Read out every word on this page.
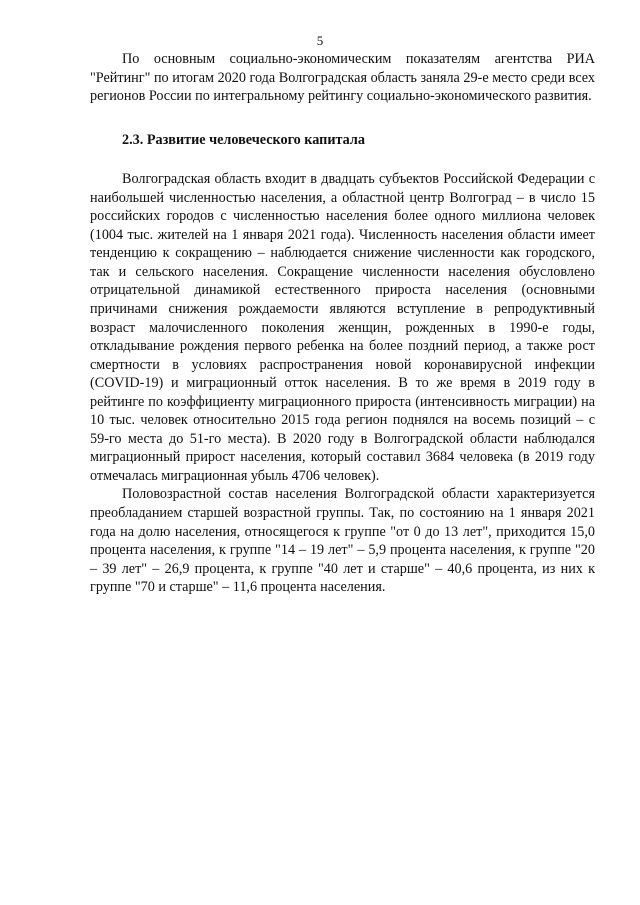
5

По основным социально-экономическим показателям агентства РИА "Рейтинг" по итогам 2020 года Волгоградская область заняла 29-е место среди всех регионов России по интегральному рейтингу социально-экономического развития.

2.3. Развитие человеческого капитала

Волгоградская область входит в двадцать субъектов Российской Федерации с наибольшей численностью населения, а областной центр Волгоград – в число 15 российских городов с численностью населения более одного миллиона человек (1004 тыс. жителей на 1 января 2021 года). Численность населения области имеет тенденцию к сокращению – наблюдается снижение численности как городского, так и сельского населения. Сокращение численности населения обусловлено отрицательной динамикой естественного прироста населения (основными причинами снижения рождаемости являются вступление в репродуктивный возраст малочисленного поколения женщин, рожденных в 1990-е годы, откладывание рождения первого ребенка на более поздний период, а также рост смертности в условиях распространения новой коронавирусной инфекции (COVID-19) и миграционный отток населения. В то же время в 2019 году в рейтинге по коэффициенту миграционного прироста (интенсивность миграции) на 10 тыс. человек относительно 2015 года регион поднялся на восемь позиций – с 59-го места до 51-го места). В 2020 году в Волгоградской области наблюдался миграционный прирост населения, который составил 3684 человека (в 2019 году отмечалась миграционная убыль 4706 человек).

Половозрастной состав населения Волгоградской области характеризуется преобладанием старшей возрастной группы. Так, по состоянию на 1 января 2021 года на долю населения, относящегося к группе "от 0 до 13 лет", приходится 15,0 процента населения, к группе "14 – 19 лет" – 5,9 процента населения, к группе "20 – 39 лет" – 26,9 процента, к группе "40 лет и старше" – 40,6 процента, из них к группе "70 и старше" – 11,6 процента населения.
